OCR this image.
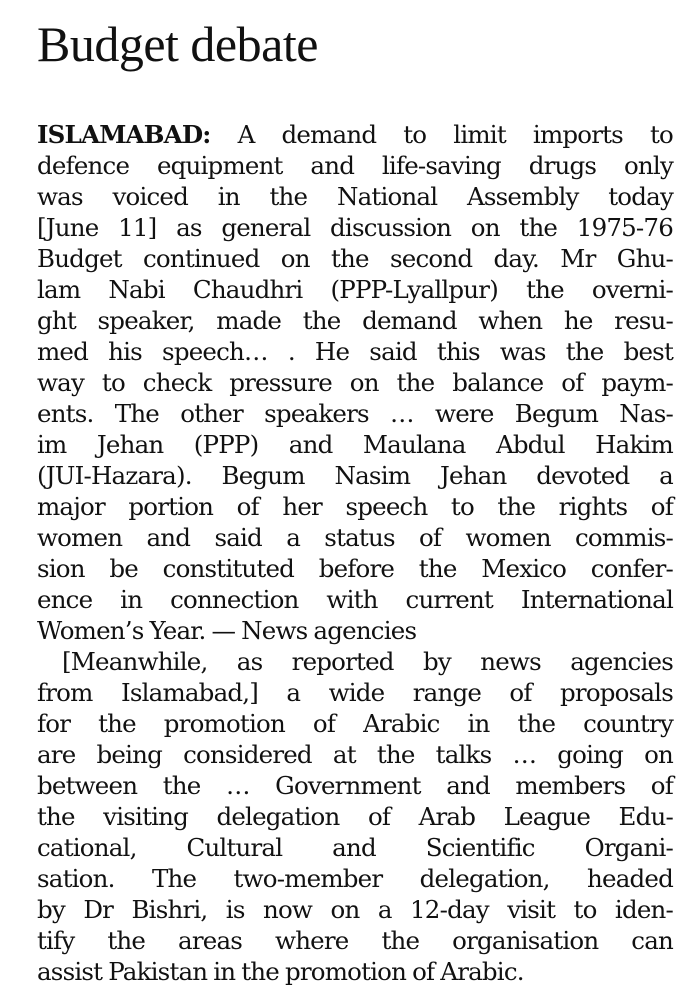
Budget debate
ISLAMABAD: A demand to limit imports to
defence equipment and life-saving drugs only
was voiced in the National Assembly today
[June 11] as general discussion on the 1975-76
Budget continued on the second day. Mr Ghu-
lam Nabi Chaudhri (PPP-Lyallpur) the overni-
ght speaker, made the demand when he resu-
med his speech… . He said this was the best
way to check pressure on the balance of paym-
ents. The other speakers … were Begum Nas-
im Jehan (PPP) and Maulana Abdul Hakim
(JUI-Hazara). Begum Nasim Jehan devoted a
major portion of her speech to the rights of
women and said a status of women commis-
sion be constituted before the Mexico confer-
ence in connection with current International
Women’s Year. — News agencies
[Meanwhile, as reported by news agencies
from Islamabad,] a wide range of proposals
for the promotion of Arabic in the country
are being considered at the talks … going on
between the … Government and members of
the visiting delegation of Arab League Edu-
cational, Cultural and Scientific Organi-
sation. The two-member delegation, headed
by Dr Bishri, is now on a 12-day visit to iden-
tify the areas where the organisation can
assist Pakistan in the promotion of Arabic.
